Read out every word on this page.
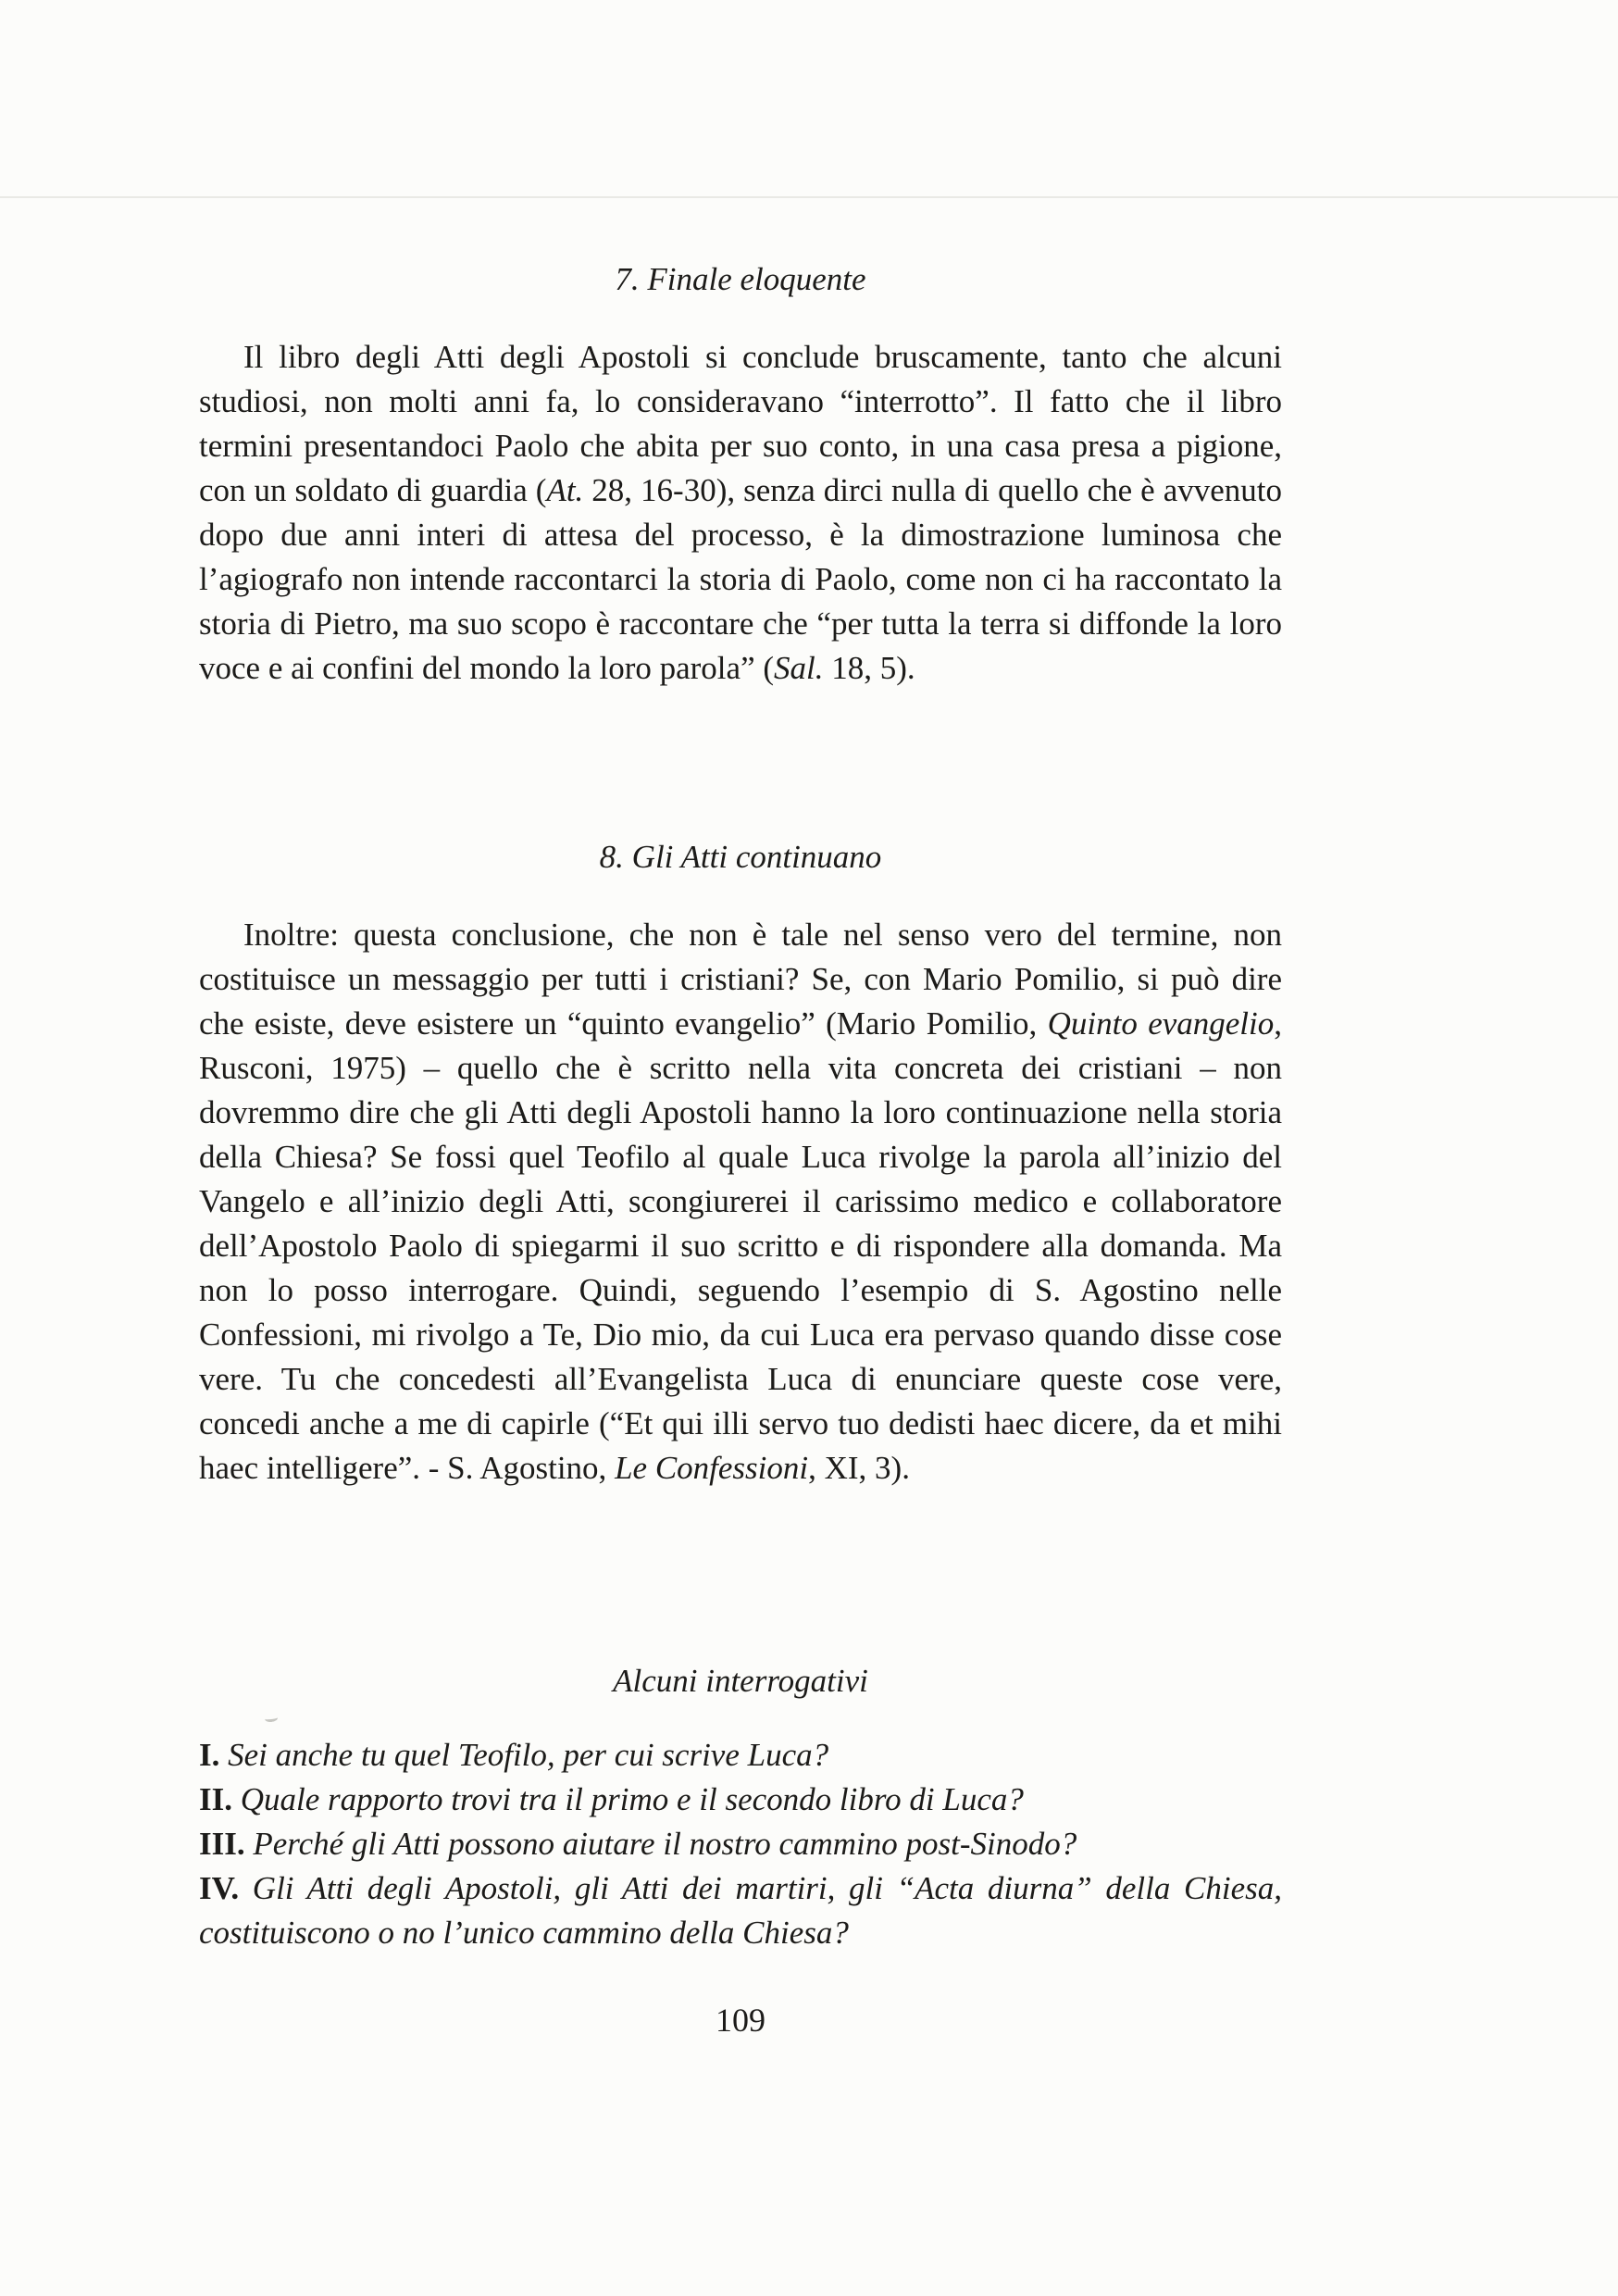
7. Finale eloquente
Il libro degli Atti degli Apostoli si conclude bruscamente, tanto che alcuni studiosi, non molti anni fa, lo consideravano “interrotto”. Il fatto che il libro termini presentandoci Paolo che abita per suo conto, in una casa presa a pigione, con un soldato di guardia (At. 28, 16-30), senza dirci nulla di quello che è avvenuto dopo due anni interi di attesa del processo, è la dimostrazione luminosa che l’agiografo non intende raccontarci la storia di Paolo, come non ci ha raccontato la storia di Pietro, ma suo scopo è raccontare che “per tutta la terra si diffonde la loro voce e ai confini del mondo la loro parola” (Sal. 18, 5).
8. Gli Atti continuano
Inoltre: questa conclusione, che non è tale nel senso vero del termine, non costituisce un messaggio per tutti i cristiani? Se, con Mario Pomilio, si può dire che esiste, deve esistere un “quinto evangelio” (Mario Pomilio, Quinto evangelio, Rusconi, 1975) – quello che è scritto nella vita concreta dei cristiani – non dovremmo dire che gli Atti degli Apostoli hanno la loro continuazione nella storia della Chiesa? Se fossi quel Teofilo al quale Luca rivolge la parola all’inizio del Vangelo e all’inizio degli Atti, scongiurerei il carissimo medico e collaboratore dell’Apostolo Paolo di spiegarmi il suo scritto e di rispondere alla domanda. Ma non lo posso interrogare. Quindi, seguendo l’esempio di S. Agostino nelle Confessioni, mi rivolgo a Te, Dio mio, da cui Luca era pervaso quando disse cose vere. Tu che concedesti all’Evangelista Luca di enunciare queste cose vere, concedi anche a me di capirle (“Et qui illi servo tuo dedisti haec dicere, da et mihi haec intelligere”. - S. Agostino, Le Confessioni, XI, 3).
Alcuni interrogativi
I. Sei anche tu quel Teofilo, per cui scrive Luca?
II. Quale rapporto trovi tra il primo e il secondo libro di Luca?
III. Perché gli Atti possono aiutare il nostro cammino post-Sinodo?
IV. Gli Atti degli Apostoli, gli Atti dei martiri, gli “Acta diurna” della Chiesa, costituiscono o no l’unico cammino della Chiesa?
109
